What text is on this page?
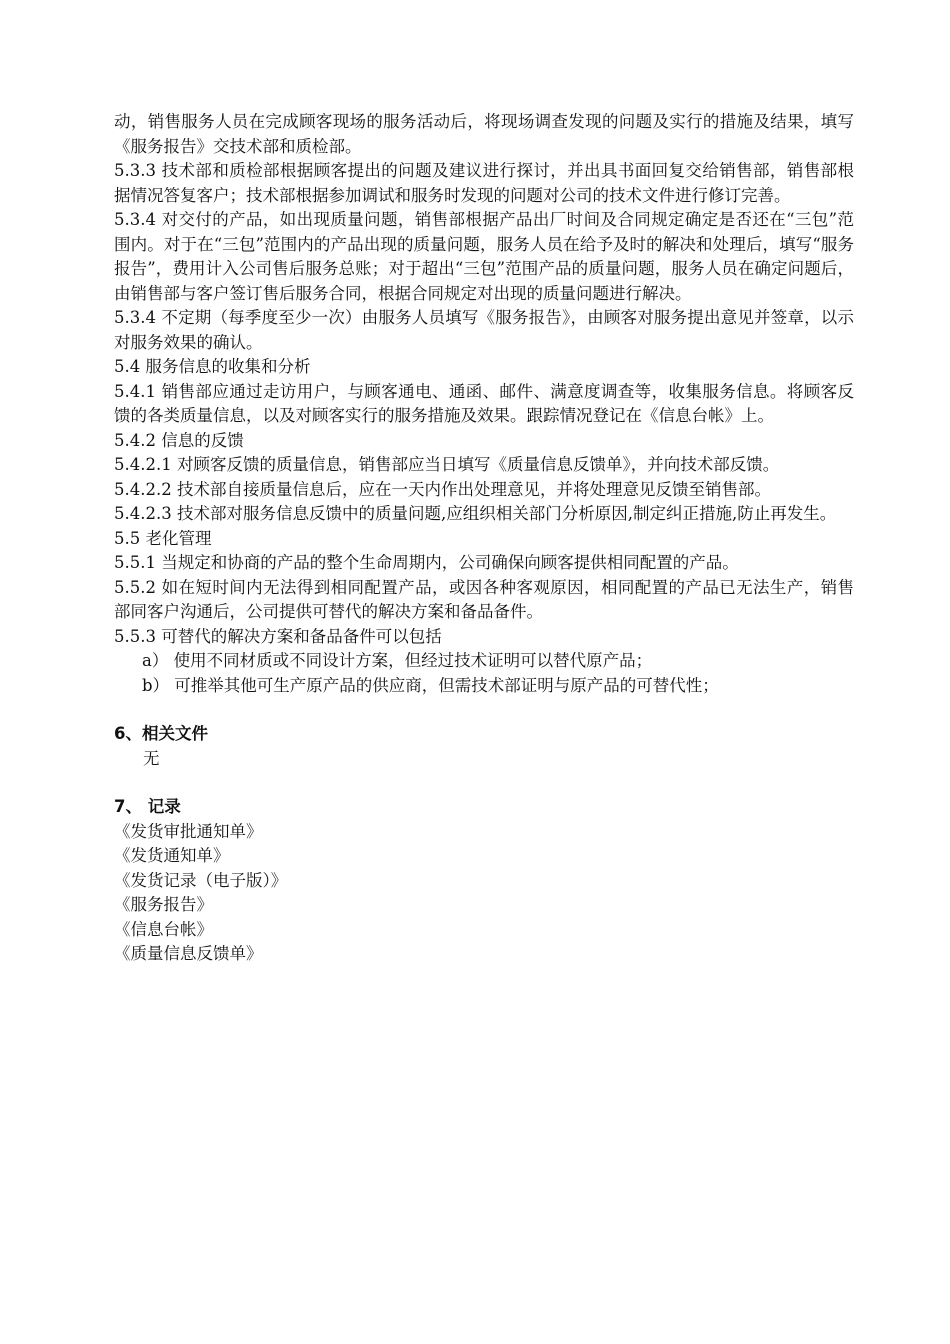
动，销售服务人员在完成顾客现场的服务活动后，将现场调查发现的问题及实行的措施及结果，填写《服务报告》交技术部和质检部。

5.3.3 技术部和质检部根据顾客提出的问题及建议进行探讨，并出具书面回复交给销售部，销售部根据情况答复客户；技术部根据参加调试和服务时发现的问题对公司的技术文件进行修订完善。

5.3.4 对交付的产品，如出现质量问题，销售部根据产品出厂时间及合同规定确定是否还在“三包”范围内。对于在“三包”范围内的产品出现的质量问题，服务人员在给予及时的解决和处理后，填写“服务报告”，费用计入公司售后服务总账；对于超出“三包”范围产品的质量问题，服务人员在确定问题后，由销售部与客户签订售后服务合同，根据合同规定对出现的质量问题进行解决。

5.3.4 不定期（每季度至少一次）由服务人员填写《服务报告》，由顾客对服务提出意见并签章，以示对服务效果的确认。

5.4 服务信息的收集和分析

5.4.1 销售部应通过走访用户，与顾客通电、通函、邮件、满意度调查等，收集服务信息。将顾客反馈的各类质量信息，以及对顾客实行的服务措施及效果。跟踪情况登记在《信息台帐》上。

5.4.2 信息的反馈

5.4.2.1 对顾客反馈的质量信息，销售部应当日填写《质量信息反馈单》，并向技术部反馈。

5.4.2.2 技术部自接质量信息后，应在一天内作出处理意见，并将处理意见反馈至销售部。

5.4.2.3 技术部对服务信息反馈中的质量问题,应组织相关部门分析原因,制定纠正措施,防止再发生。

5.5 老化管理

5.5.1 当规定和协商的产品的整个生命周期内，公司确保向顾客提供相同配置的产品。

5.5.2 如在短时间内无法得到相同配置产品，或因各种客观原因，相同配置的产品已无法生产，销售部同客户沟通后，公司提供可替代的解决方案和备品备件。

5.5.3 可替代的解决方案和备品备件可以包括

a） 使用不同材质或不同设计方案，但经过技术证明可以替代原产品；

b） 可推举其他可生产原产品的供应商，但需技术部证明与原产品的可替代性；

6、相关文件

无

7、 记录

《发货审批通知单》

《发货通知单》

《发货记录（电子版）》

《服务报告》

《信息台帐》

《质量信息反馈单》
